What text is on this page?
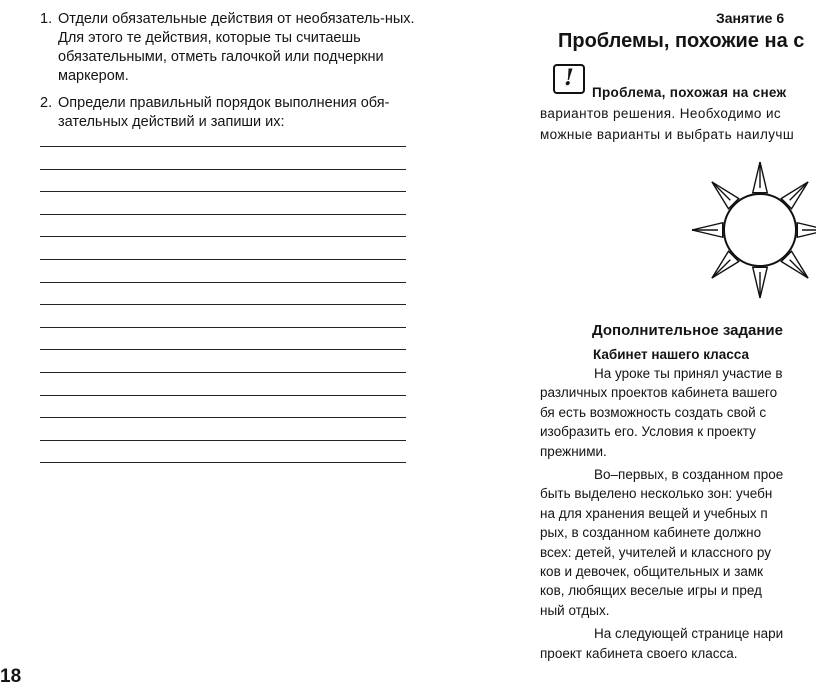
1. Отдели обязательные действия от необязатель-ных. Для этого те действия, которые ты считаешь обязательными, отметь галочкой или подчеркни маркером.
2. Определи правильный порядок выполнения обя-зательных действий и запиши их:
18
Занятие 6
Проблемы, похожие на с
!
Проблема, похожая на снеж
вариантов решения. Необходимо ис
можные варианты и выбрать наилучш
Дополнительное задание
Кабинет нашего класса
На уроке ты принял участие в
различных проектов кабинета вашего
бя есть возможность создать свой с
изобразить его. Условия к проекту
прежними.
Во–первых, в созданном прое
быть выделено несколько зон: учебн
на для хранения вещей и учебных п
рых, в созданном кабинете должно
всех: детей, учителей и классного ру
ков и девочек, общительных и замк
ков, любящих веселые игры и пред
ный отдых.
На следующей странице нари
проект кабинета своего класса.
